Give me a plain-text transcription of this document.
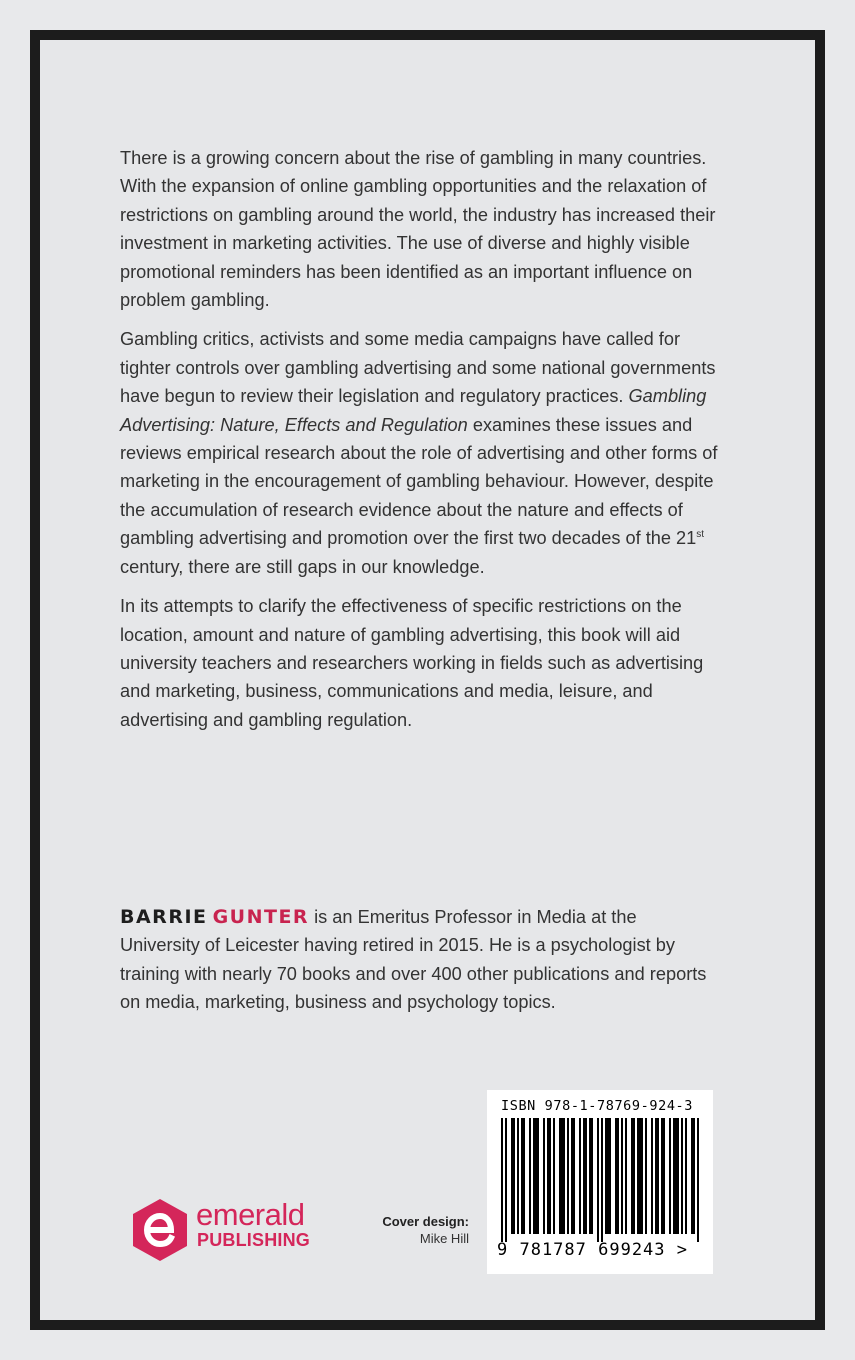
There is a growing concern about the rise of gambling in many countries. With the expansion of online gambling opportunities and the relaxation of restrictions on gambling around the world, the industry has increased their investment in marketing activities. The use of diverse and highly visible promotional reminders has been identified as an important influence on problem gambling.

Gambling critics, activists and some media campaigns have called for tighter controls over gambling advertising and some national governments have begun to review their legislation and regulatory practices. Gambling Advertising: Nature, Effects and Regulation examines these issues and reviews empirical research about the role of advertising and other forms of marketing in the encouragement of gambling behaviour. However, despite the accumulation of research evidence about the nature and effects of gambling advertising and promotion over the first two decades of the 21st century, there are still gaps in our knowledge.

In its attempts to clarify the effectiveness of specific restrictions on the location, amount and nature of gambling advertising, this book will aid university teachers and researchers working in fields such as advertising and marketing, business, communications and media, leisure, and advertising and gambling regulation.

BARRIE GUNTER is an Emeritus Professor in Media at the University of Leicester having retired in 2015. He is a psychologist by training with nearly 70 books and over 400 other publications and reports on media, marketing, business and psychology topics.
emerald
PUBLISHING
Cover design:
Mike Hill
ISBN 978-1-78769-924-3
9 781787 699243 >
